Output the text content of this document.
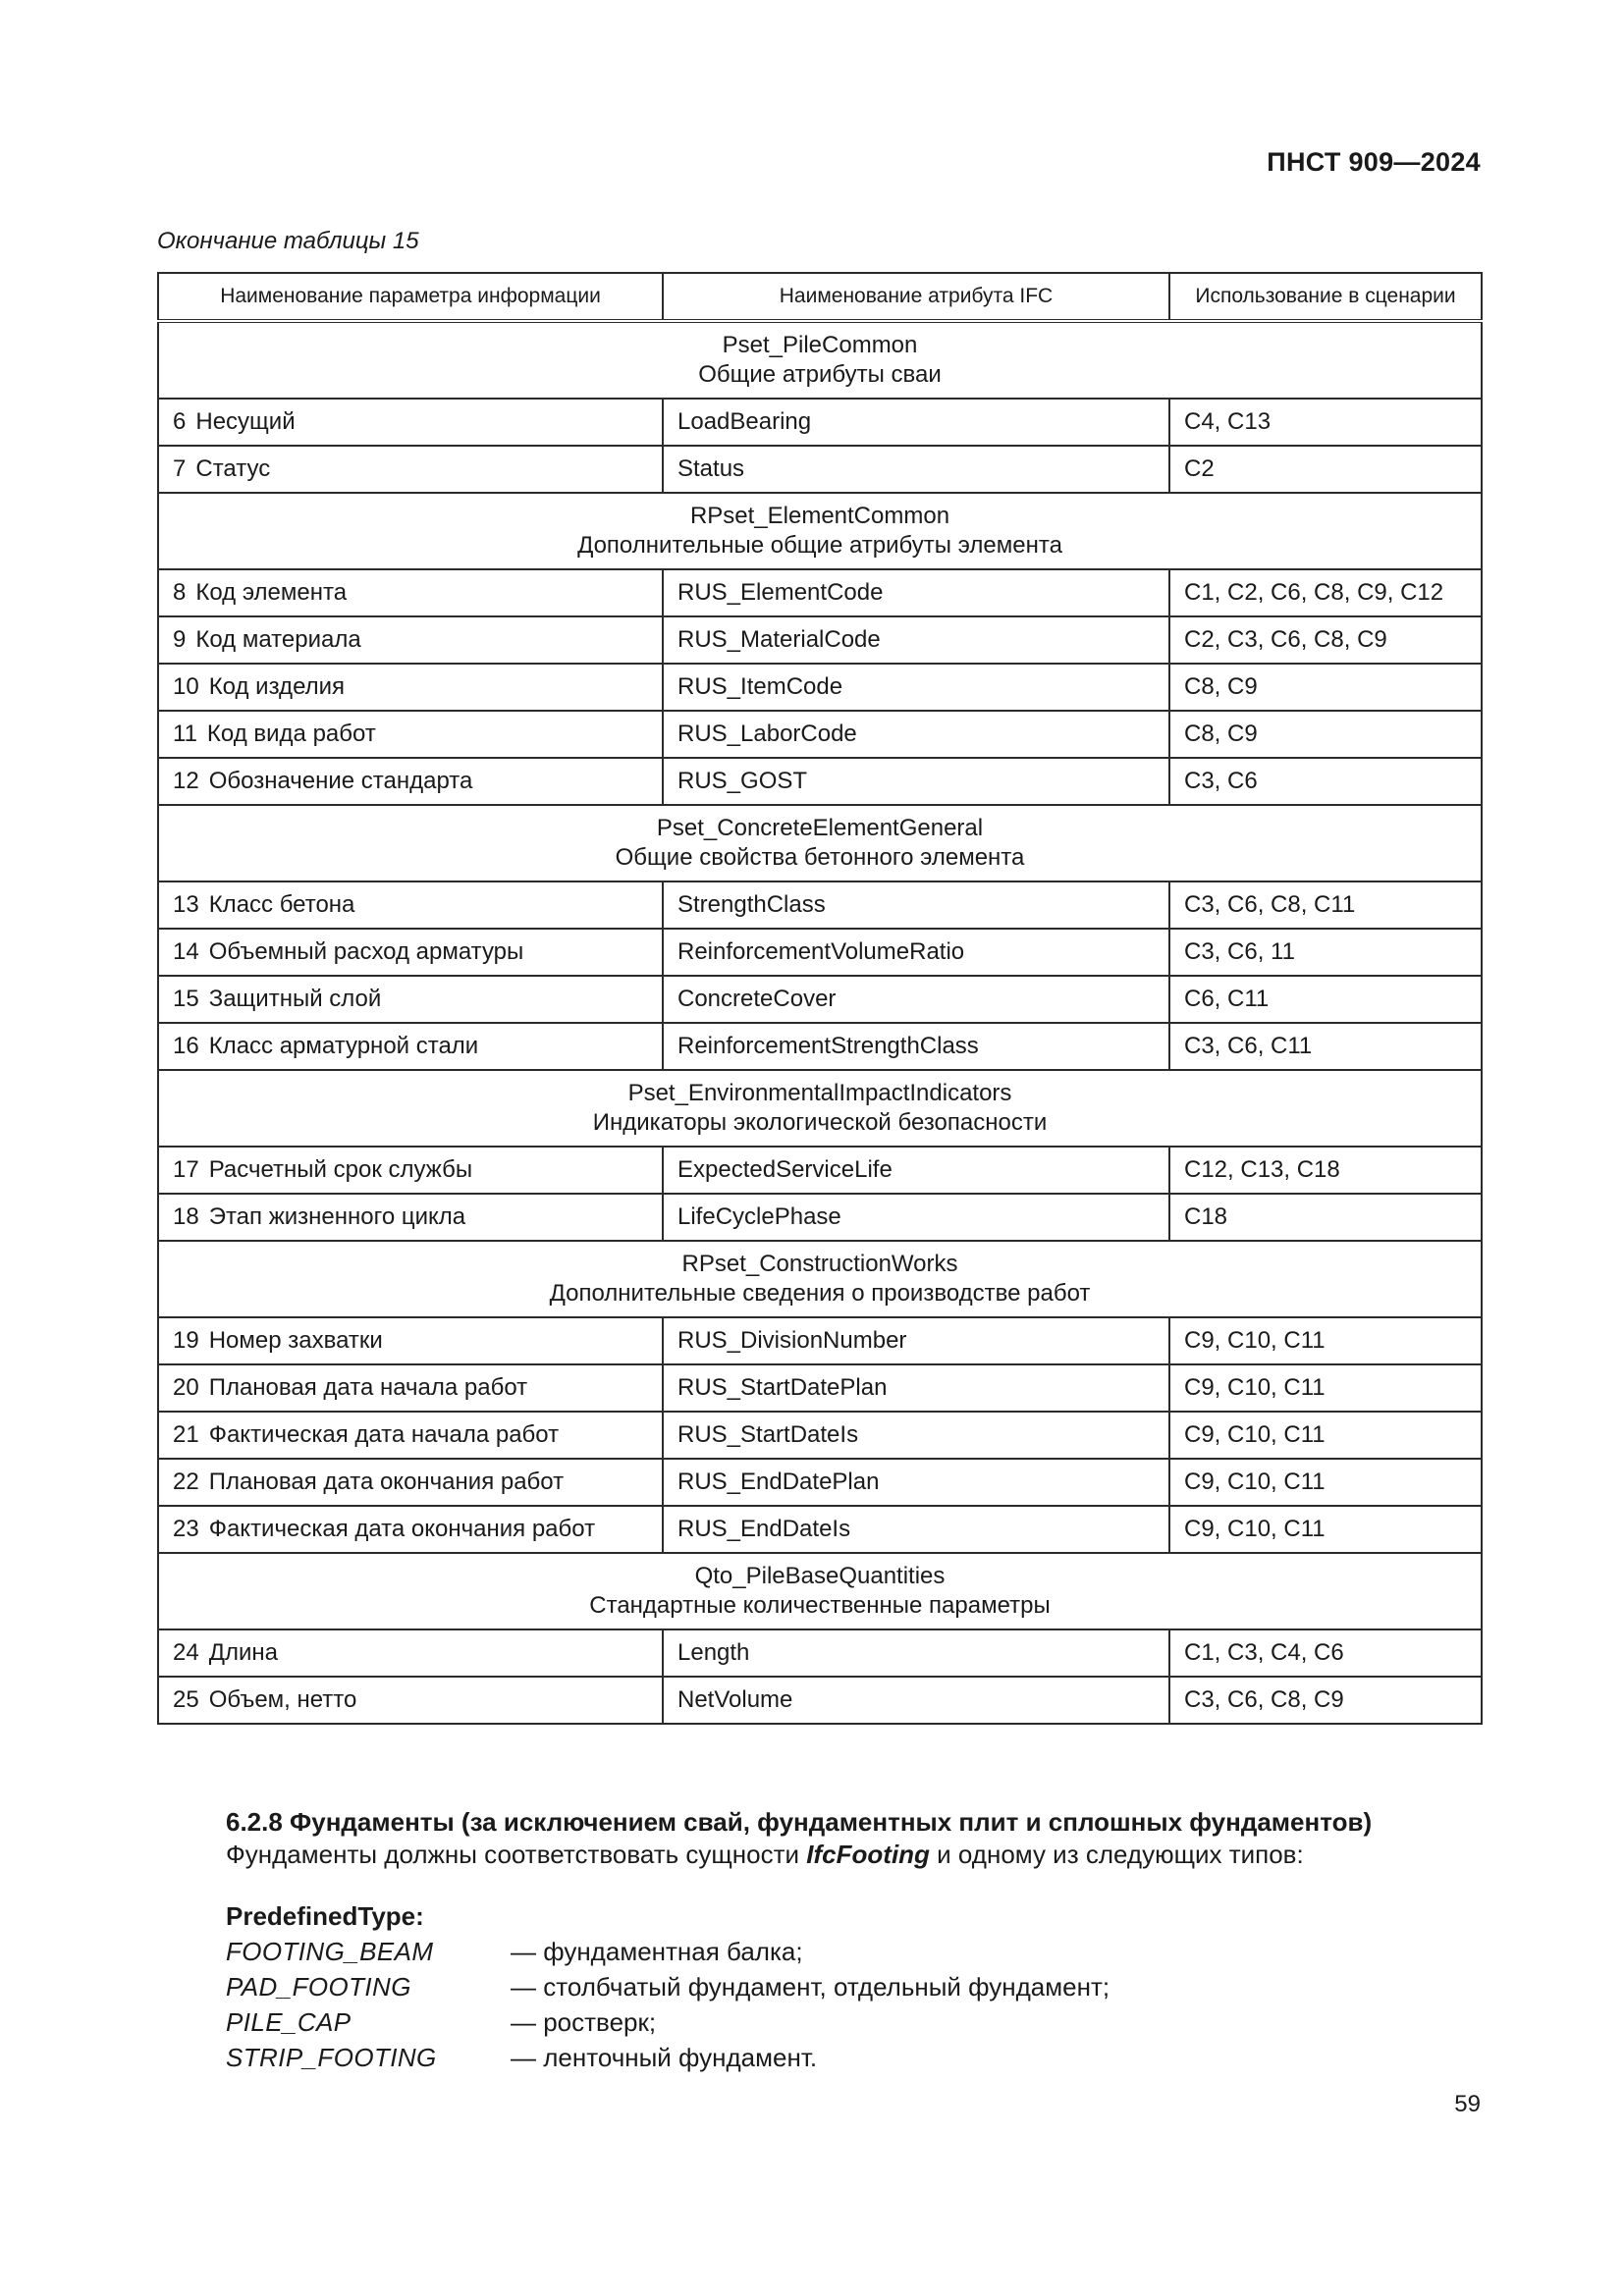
ПНСТ 909—2024
Окончание таблицы 15
Наименование параметра информации	Наименование атрибута IFC	Использование в сценарии

Pset_PileCommon
Общие атрибуты сваи		

6 Несущий	LoadBearing	C4, C13
7 Статус	Status	C2

RPset_ElementCommon
Дополнительные общие атрибуты элемента		

8 Код элемента	RUS_ElementCode	C1, C2, C6, C8, C9, C12
9 Код материала	RUS_MaterialCode	C2, C3, C6, C8, C9
10 Код изделия	RUS_ItemCode	C8, C9
11 Код вида работ	RUS_LaborCode	C8, C9
12 Обозначение стандарта	RUS_GOST	C3, C6

Pset_ConcreteElementGeneral
Общие свойства бетонного элемента		

13 Класс бетона	StrengthClass	C3, C6, C8, C11
14 Объемный расход арматуры	ReinforcementVolumeRatio	C3, C6, 11
15 Защитный слой	ConcreteCover	C6, C11
16 Класс арматурной стали	ReinforcementStrengthClass	C3, C6, C11

Pset_EnvironmentalImpactIndicators
Индикаторы экологической безопасности		

17 Расчетный срок службы	ExpectedServiceLife	C12, C13, C18
18 Этап жизненного цикла	LifeCyclePhase	C18

RPset_ConstructionWorks
Дополнительные сведения о производстве работ		

19 Номер захватки	RUS_DivisionNumber	C9, C10, C11
20 Плановая дата начала работ	RUS_StartDatePlan	C9, C10, C11
21 Фактическая дата начала работ	RUS_StartDateIs	C9, C10, C11
22 Плановая дата окончания работ	RUS_EndDatePlan	C9, C10, C11
23 Фактическая дата окончания работ	RUS_EndDateIs	C9, C10, C11

Qto_PileBaseQuantities
Стандартные количественные параметры		

24 Длина	Length	C1, C3, C4, C6
25 Объем, нетто	NetVolume	C3, C6, C8, C9
6.2.8 Фундаменты (за исключением свай, фундаментных плит и сплошных фундаментов)
Фундаменты должны соответствовать сущности IfcFooting и одному из следующих типов:
PredefinedType:
FOOTING_BEAM	— фундаментная балка;
PAD_FOOTING	— столбчатый фундамент, отдельный фундамент;
PILE_CAP	— ростверк;
STRIP_FOOTING	— ленточный фундамент.
59
